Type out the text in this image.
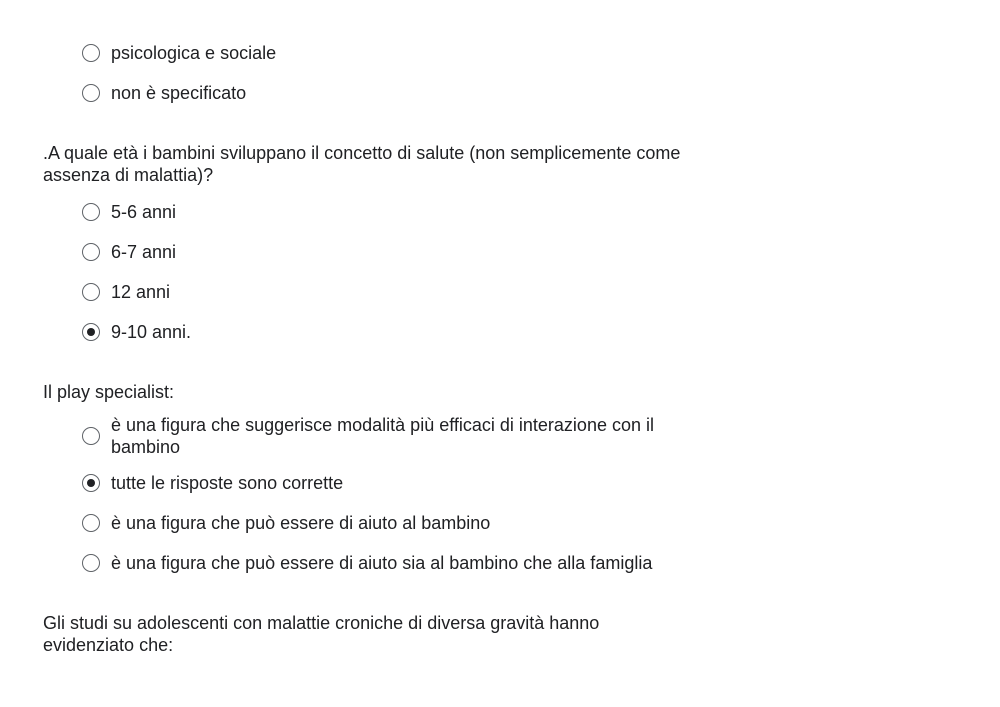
psicologica e sociale
non è specificato
.A quale età i bambini sviluppano il concetto di salute (non semplicemente come assenza di malattia)?
5-6 anni
6-7 anni
12 anni
9-10 anni.
Il play specialist:
è una figura che suggerisce modalità più efficaci di interazione con il bambino
tutte le risposte sono corrette
è una figura che può essere di aiuto al bambino
è una figura che può essere di aiuto sia al bambino che alla famiglia
Gli studi su adolescenti con malattie croniche di diversa gravità hanno evidenziato che:
